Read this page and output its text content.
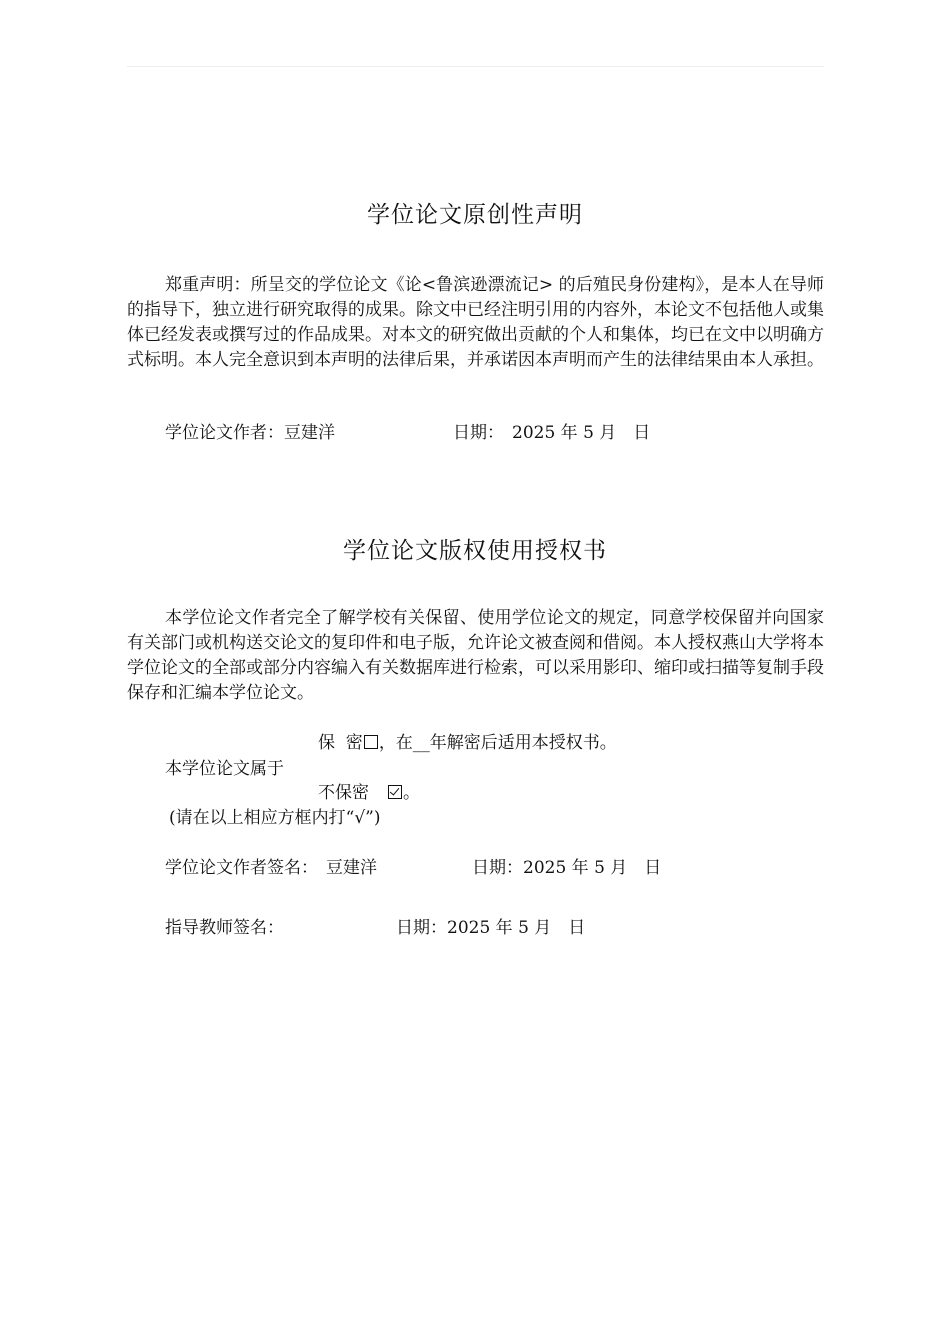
学位论文原创性声明
郑重声明：所呈交的学位论文《论<鲁滨逊漂流记> 的后殖民身份建构》，是本人在导师的指导下，独立进行研究取得的成果。除文中已经注明引用的内容外，本论文不包括他人或集体已经发表或撰写过的作品成果。对本文的研究做出贡献的个人和集体，均已在文中以明确方式标明。本人完全意识到本声明的法律后果，并承诺因本声明而产生的法律结果由本人承担。
学位论文作者：豆建洋	日期： 2025 年 5 月　日
学位论文版权使用授权书
本学位论文作者完全了解学校有关保留、使用学位论文的规定，同意学校保留并向国家有关部门或机构送交论文的复印件和电子版，允许论文被查阅和借阅。本人授权燕山大学将本学位论文的全部或部分内容编入有关数据库进行检索，可以采用影印、缩印或扫描等复制手段保存和汇编本学位论文。
保  密 ，在__年解密后适用本授权书。
本学位论文属于
不保密 。
(请在以上相应方框内打“√”)
学位论文作者签名： 豆建洋	日期：2025 年 5 月　日
指导教师签名：	日期：2025 年 5 月　日
